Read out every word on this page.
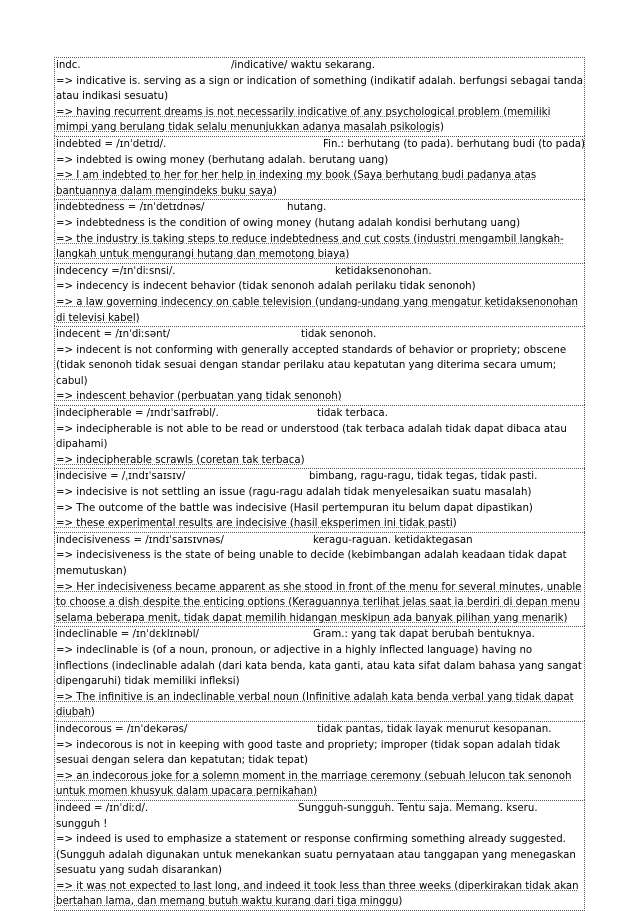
indc.	/indicative/ waktu sekarang.

=> indicative is. serving as a sign or indication of something (indikatif adalah. berfungsi sebagai tanda atau indikasi sesuatu)

=> having recurrent dreams is not necessarily indicative of any psychological problem (memiliki mimpi yang berulang tidak selalu menunjukkan adanya masalah psikologis)

indebted = /ɪnˈdetɪd/.	Fin.: berhutang (to pada). berhutang budi (to pada)

=> indebted is owing money (berhutang adalah. berutang uang)

=> I am indebted to her for her help in indexing my book (Saya berhutang budi padanya atas bantuannya dalam mengindeks buku saya)

indebtedness = /ɪnˈdetɪdnəs/	hutang.

=> indebtedness is the condition of owing money (hutang adalah kondisi berhutang uang)

=> the industry is taking steps to reduce indebtedness and cut costs (industri mengambil langkah-langkah untuk mengurangi hutang dan memotong biaya)

indecency =/ɪnˈdiːsnsi/.	ketidaksenonohan.

=> indecency is indecent behavior (tidak senonoh adalah perilaku tidak senonoh)

=> a law governing indecency on cable television (undang-undang yang mengatur ketidaksenonohan di televisi kabel)

indecent = /ɪnˈdiːsənt/	tidak senonoh.

=> indecent is not conforming with generally accepted standards of behavior or propriety; obscene (tidak senonoh tidak sesuai dengan standar perilaku atau kepatutan yang diterima secara umum; cabul)

=> indescent behavior (perbuatan yang tidak senonoh)

indecipherable = /ɪndɪˈsaɪfrəbl/.	tidak terbaca.

=> indecipherable is not able to be read or understood (tak terbaca adalah tidak dapat dibaca atau dipahami)

=> indecipherable scrawls (coretan tak terbaca)

indecisive = /ˌɪndɪˈsaɪsɪv/	bimbang, ragu-ragu, tidak tegas, tidak pasti.

=> indecisive is not settling an issue (ragu-ragu adalah tidak menyelesaikan suatu masalah)

=> The outcome of the battle was indecisive (Hasil pertempuran itu belum dapat dipastikan)

=> these experimental results are indecisive (hasil eksperimen ini tidak pasti)

indecisiveness = /ɪndɪˈsaɪsɪvnəs/	keragu-raguan. ketidaktegasan

=> indecisiveness is the state of being unable to decide (kebimbangan adalah keadaan tidak dapat memutuskan)

=> Her indecisiveness became apparent as she stood in front of the menu for several minutes, unable to choose a dish despite the enticing options (Keraguannya terlihat jelas saat ia berdiri di depan menu selama beberapa menit, tidak dapat memilih hidangan meskipun ada banyak pilihan yang menarik)

indeclinable = /ɪnˈdɛklɪnəbl/	Gram.: yang tak dapat berubah bentuknya.

=> indeclinable is (of a noun, pronoun, or adjective in a highly inflected language) having no inflections (indeclinable adalah (dari kata benda, kata ganti, atau kata sifat dalam bahasa yang sangat dipengaruhi) tidak memiliki infleksi)

=> The infinitive is an indeclinable verbal noun (Infinitive adalah kata benda verbal yang tidak dapat diubah)

indecorous = /ɪnˈdekərəs/	tidak pantas, tidak layak menurut kesopanan.

=> indecorous is not in keeping with good taste and propriety; improper (tidak sopan adalah tidak sesuai dengan selera dan kepatutan; tidak tepat)

=> an indecorous joke for a solemn moment in the marriage ceremony (sebuah lelucon tak senonoh untuk momen khusyuk dalam upacara pernikahan)

indeed = /ɪnˈdiːd/.	Sungguh-sungguh. Tentu saja. Memang. kseru. sungguh !

=> indeed is used to emphasize a statement or response confirming something already suggested. (Sungguh adalah digunakan untuk menekankan suatu pernyataan atau tanggapan yang menegaskan sesuatu yang sudah disarankan)

=> it was not expected to last long, and indeed it took less than three weeks (diperkirakan tidak akan bertahan lama, dan memang butuh waktu kurang dari tiga minggu)
